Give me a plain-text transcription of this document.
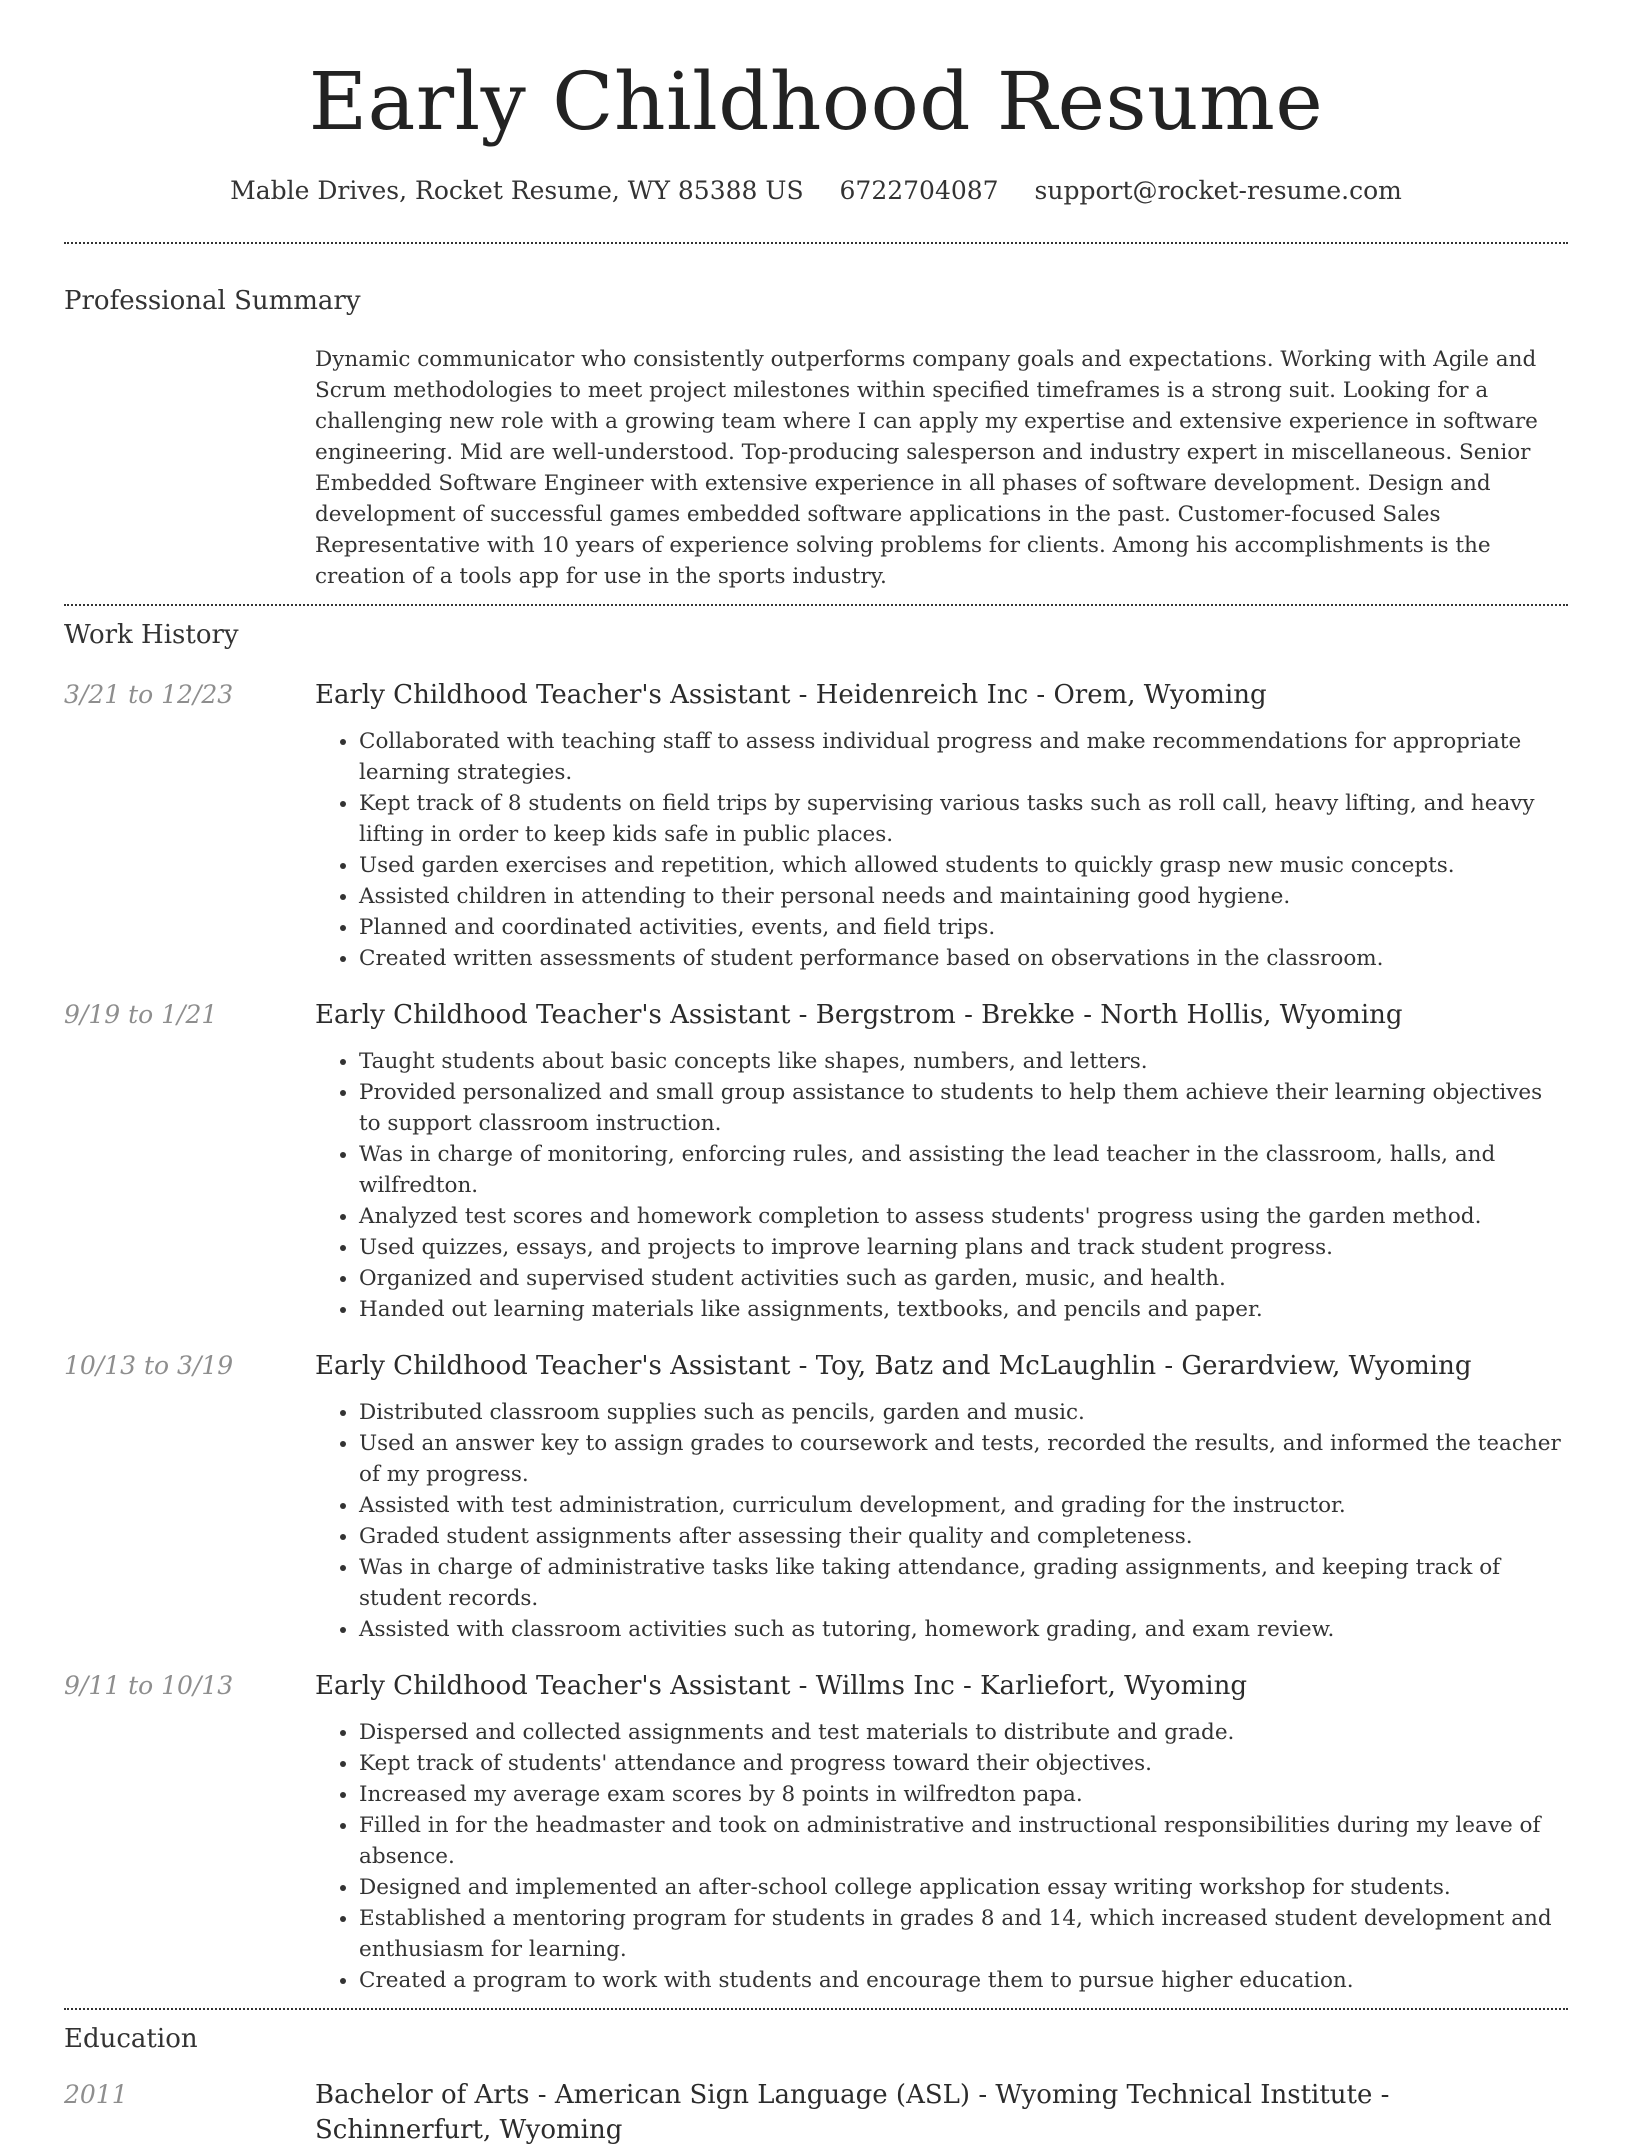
Early Childhood Resume
Mable Drives, Rocket Resume, WY 85388 US 6722704087 support@rocket-resume.com
Professional Summary

Dynamic communicator who consistently outperforms company goals and expectations. Working with Agile and Scrum methodologies to meet project milestones within specified timeframes is a strong suit. Looking for a challenging new role with a growing team where I can apply my expertise and extensive experience in software engineering. Mid are well-understood. Top-producing salesperson and industry expert in miscellaneous. Senior Embedded Software Engineer with extensive experience in all phases of software development. Design and development of successful games embedded software applications in the past. Customer-focused Sales Representative with 10 years of experience solving problems for clients. Among his accomplishments is the creation of a tools app for use in the sports industry.

Work History
3/21 to 12/23	Early Childhood Teacher's Assistant - Heidenreich Inc - Orem, Wyoming
• Collaborated with teaching staff to assess individual progress and make recommendations for appropriate learning strategies.
• Kept track of 8 students on field trips by supervising various tasks such as roll call, heavy lifting, and heavy lifting in order to keep kids safe in public places.
• Used garden exercises and repetition, which allowed students to quickly grasp new music concepts.
• Assisted children in attending to their personal needs and maintaining good hygiene.
• Planned and coordinated activities, events, and field trips.
• Created written assessments of student performance based on observations in the classroom.
9/19 to 1/21	Early Childhood Teacher's Assistant - Bergstrom - Brekke - North Hollis, Wyoming
• Taught students about basic concepts like shapes, numbers, and letters.
• Provided personalized and small group assistance to students to help them achieve their learning objectives to support classroom instruction.
• Was in charge of monitoring, enforcing rules, and assisting the lead teacher in the classroom, halls, and wilfredton.
• Analyzed test scores and homework completion to assess students' progress using the garden method.
• Used quizzes, essays, and projects to improve learning plans and track student progress.
• Organized and supervised student activities such as garden, music, and health.
• Handed out learning materials like assignments, textbooks, and pencils and paper.
10/13 to 3/19	Early Childhood Teacher's Assistant - Toy, Batz and McLaughlin - Gerardview, Wyoming
• Distributed classroom supplies such as pencils, garden and music.
• Used an answer key to assign grades to coursework and tests, recorded the results, and informed the teacher of my progress.
• Assisted with test administration, curriculum development, and grading for the instructor.
• Graded student assignments after assessing their quality and completeness.
• Was in charge of administrative tasks like taking attendance, grading assignments, and keeping track of student records.
• Assisted with classroom activities such as tutoring, homework grading, and exam review.
9/11 to 10/13	Early Childhood Teacher's Assistant - Willms Inc - Karliefort, Wyoming
• Dispersed and collected assignments and test materials to distribute and grade.
• Kept track of students' attendance and progress toward their objectives.
• Increased my average exam scores by 8 points in wilfredton papa.
• Filled in for the headmaster and took on administrative and instructional responsibilities during my leave of absence.
• Designed and implemented an after-school college application essay writing workshop for students.
• Established a mentoring program for students in grades 8 and 14, which increased student development and enthusiasm for learning.
• Created a program to work with students and encourage them to pursue higher education.
Education
2011	Bachelor of Arts - American Sign Language (ASL) - Wyoming Technical Institute - Schinnerfurt, Wyoming
